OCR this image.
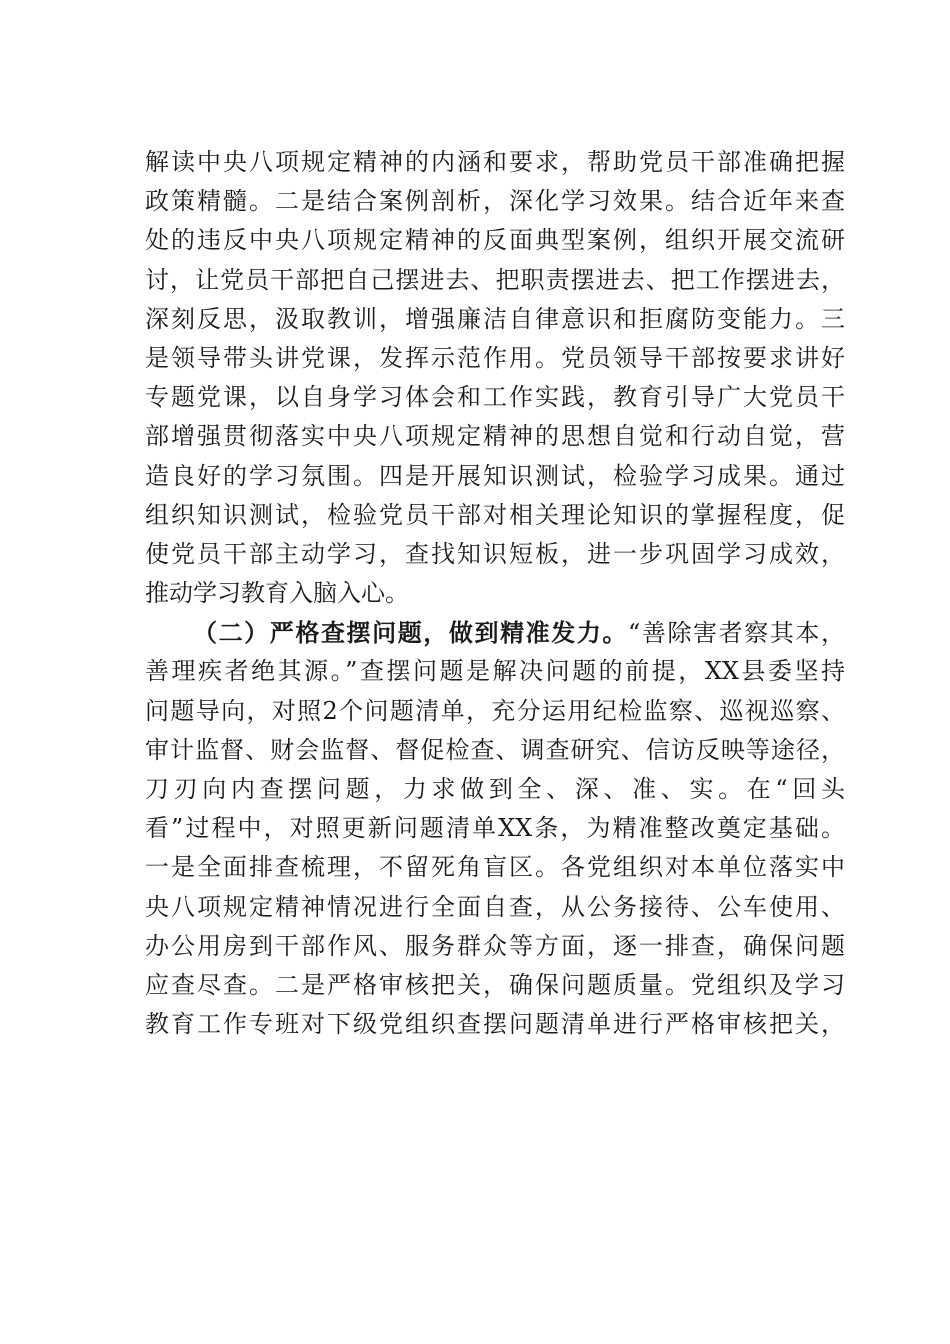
解读中央八项规定精神的内涵和要求，帮助党员干部准确把握
政策精髓。二是结合案例剖析，深化学习效果。结合近年来查
处的违反中央八项规定精神的反面典型案例，组织开展交流研
讨，让党员干部把自己摆进去、把职责摆进去、把工作摆进去，
深刻反思，汲取教训，增强廉洁自律意识和拒腐防变能力。三
是领导带头讲党课，发挥示范作用。党员领导干部按要求讲好
专题党课，以自身学习体会和工作实践，教育引导广大党员干
部增强贯彻落实中央八项规定精神的思想自觉和行动自觉，营
造良好的学习氛围。四是开展知识测试，检验学习成果。通过
组织知识测试，检验党员干部对相关理论知识的掌握程度，促
使党员干部主动学习，查找知识短板，进一步巩固学习成效，
推动学习教育入脑入心。
（二）严格查摆问题，做到精准发力。“善除害者察其本，
善理疾者绝其源。”查摆问题是解决问题的前提，XX县委坚持
问题导向，对照2个问题清单，充分运用纪检监察、巡视巡察、
审计监督、财会监督、督促检查、调查研究、信访反映等途径，
刀刃向内查摆问题，力求做到全、深、准、实。在“回头
看”过程中，对照更新问题清单XX条，为精准整改奠定基础。
一是全面排查梳理，不留死角盲区。各党组织对本单位落实中
央八项规定精神情况进行全面自查，从公务接待、公车使用、
办公用房到干部作风、服务群众等方面，逐一排查，确保问题
应查尽查。二是严格审核把关，确保问题质量。党组织及学习
教育工作专班对下级党组织查摆问题清单进行严格审核把关，
